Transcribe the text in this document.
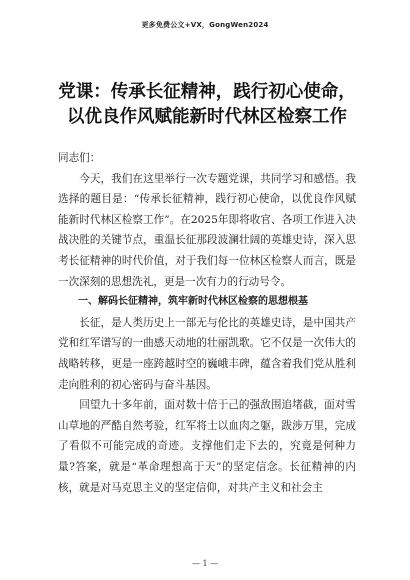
更多免费公文+VX，GongWen2024
党课：传承长征精神，践行初心使命，以优良作风赋能新时代林区检察工作

同志们：

今天，我们在这里举行一次专题党课，共同学习和感悟。我选择的题目是：“传承长征精神，践行初心使命，以优良作风赋能新时代林区检察工作”。在2025年即将收官、各项工作进入决战决胜的关键节点，重温长征那段波澜壮阔的英雄史诗，深入思考长征精神的时代价值，对于我们每一位林区检察人而言，既是一次深刻的思想洗礼，更是一次有力的行动号令。

一、解码长征精神，筑牢新时代林区检察的思想根基

长征，是人类历史上一部无与伦比的英雄史诗，是中国共产党和红军谱写的一曲感天动地的壮丽凯歌。它不仅是一次伟大的战略转移，更是一座跨越时空的巍峨丰碑，蕴含着我们党从胜利走向胜利的初心密码与奋斗基因。

回望九十多年前，面对数十倍于己的强敌围追堵截，面对雪山草地的严酷自然考验，红军将士以血肉之躯，跋涉万里，完成了看似不可能完成的奇迹。支撑他们走下去的，究竟是何种力量?答案，就是“革命理想高于天”的坚定信念。长征精神的内核，就是对马克思主义的坚定信仰，对共产主义和社会主

— 1 —
